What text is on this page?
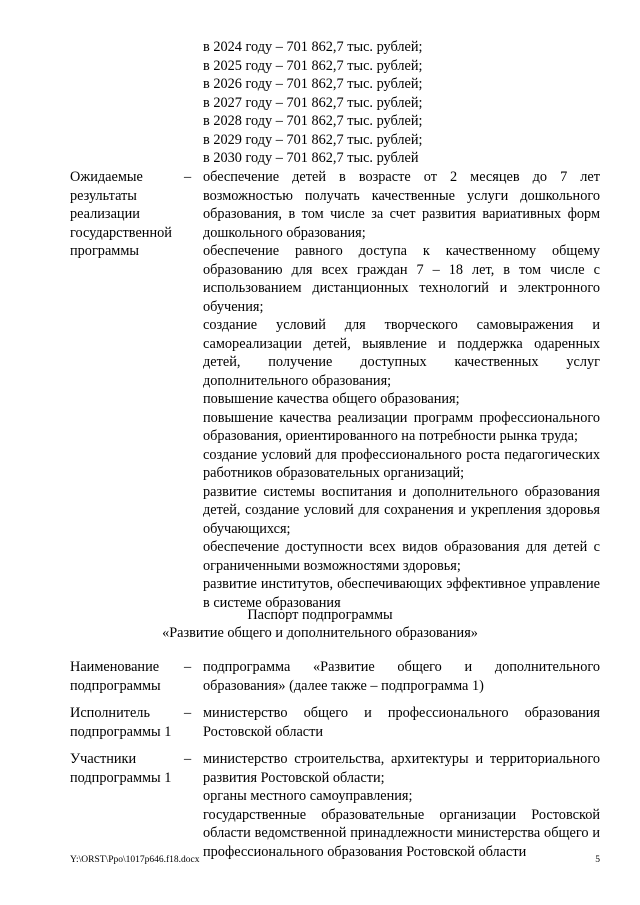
в 2024 году – 701 862,7 тыс. рублей;
в 2025 году – 701 862,7 тыс. рублей;
в 2026 году – 701 862,7 тыс. рублей;
в 2027 году – 701 862,7 тыс. рублей;
в 2028 году – 701 862,7 тыс. рублей;
в 2029 году – 701 862,7 тыс. рублей;
в 2030 году – 701 862,7 тыс. рублей
Ожидаемые
результаты
реализации
государственной
программы
– обеспечение детей в возрасте от 2 месяцев до 7 лет возможностью получать качественные услуги дошкольного образования, в том числе за счет развития вариативных форм дошкольного образования;
обеспечение равного доступа к качественному общему образованию для всех граждан 7 – 18 лет, в том числе с использованием дистанционных технологий и электронного обучения;
создание условий для творческого самовыражения и самореализации детей, выявление и поддержка одаренных детей, получение доступных качественных услуг дополнительного образования;
повышение качества общего образования;
повышение качества реализации программ профессионального образования, ориентированного на потребности рынка труда;
создание условий для профессионального роста педагогических работников образовательных организаций;
развитие системы воспитания и дополнительного образования детей, создание условий для сохранения и укрепления здоровья обучающихся;
обеспечение доступности всех видов образования для детей с ограниченными возможностями здоровья;
развитие институтов, обеспечивающих эффективное управление в системе образования
Паспорт подпрограммы
«Развитие общего и дополнительного образования»
Наименование
подпрограммы
– подпрограмма «Развитие общего и дополнительного образования» (далее также – подпрограмма 1)
Исполнитель
подпрограммы 1
– министерство общего и профессионального образования Ростовской области
Участники
подпрограммы 1
– министерство строительства, архитектуры и территориального развития Ростовской области;
органы местного самоуправления;
государственные образовательные организации Ростовской области ведомственной принадлежности министерства общего и профессионального образования Ростовской области
Y:\ORST\Ppo\1017p646.f18.docx	5
